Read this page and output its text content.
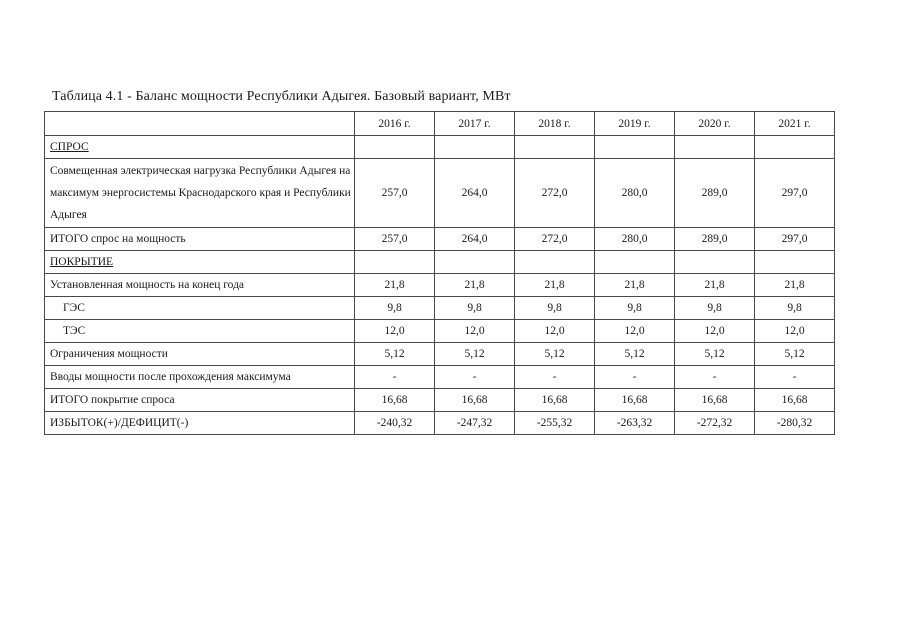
Таблица 4.1 - Баланс мощности Республики Адыгея. Базовый вариант, МВт
	2016 г.	2017 г.	2018 г.	2019 г.	2020 г.	2021 г.
СПРОС						
Совмещенная электрическая нагрузка Республики Адыгея на максимум энергосистемы Краснодарского края и Республики Адыгея	257,0	264,0	272,0	280,0	289,0	297,0
ИТОГО спрос на мощность	257,0	264,0	272,0	280,0	289,0	297,0
ПОКРЫТИЕ						
Установленная мощность на конец года	21,8	21,8	21,8	21,8	21,8	21,8
ГЭС	9,8	9,8	9,8	9,8	9,8	9,8
ТЭС	12,0	12,0	12,0	12,0	12,0	12,0
Ограничения мощности	5,12	5,12	5,12	5,12	5,12	5,12
Вводы мощности после прохождения максимума	-	-	-	-	-	-
ИТОГО покрытие спроса	16,68	16,68	16,68	16,68	16,68	16,68
ИЗБЫТОК(+)/ДЕФИЦИТ(-)	-240,32	-247,32	-255,32	-263,32	-272,32	-280,32
